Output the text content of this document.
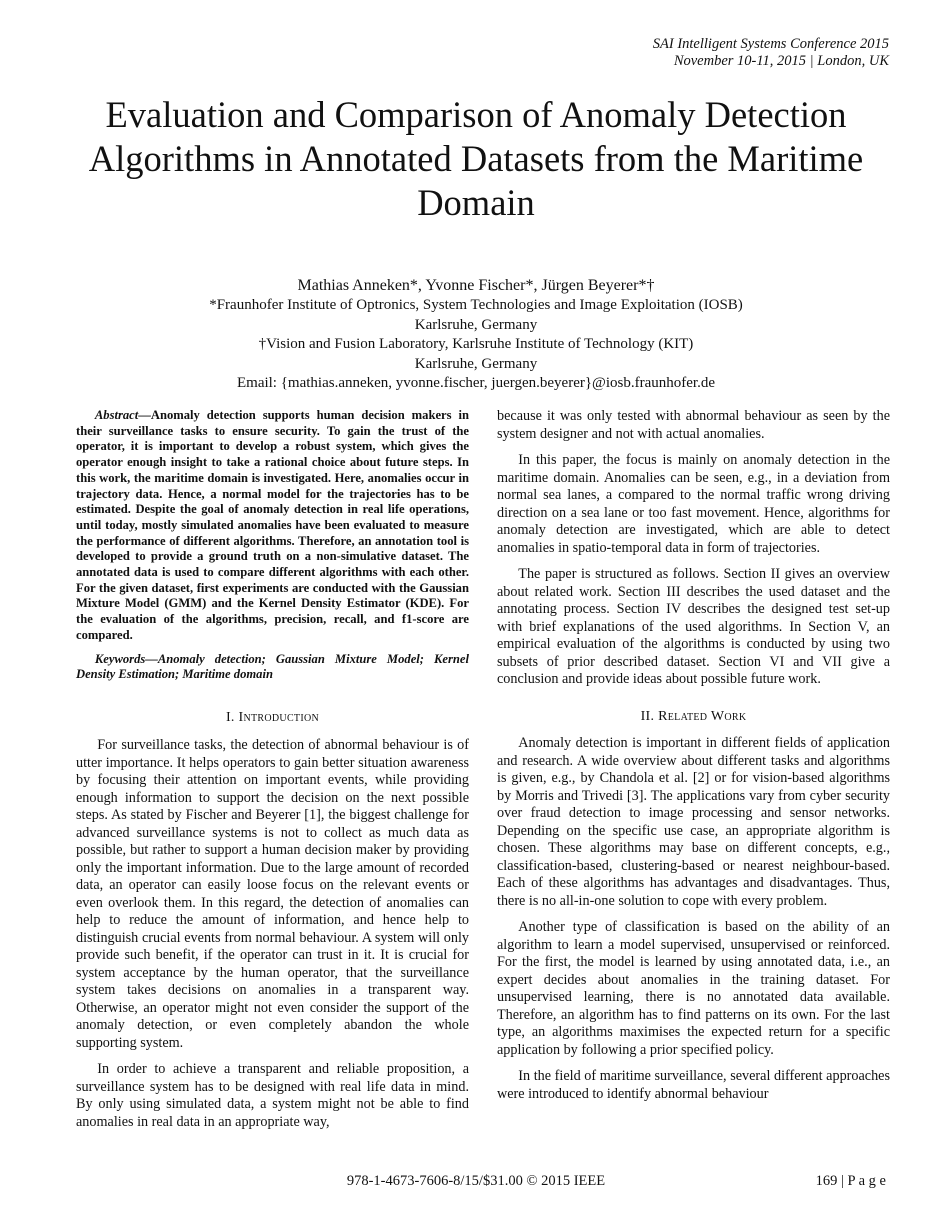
SAI Intelligent Systems Conference 2015
November 10-11, 2015 | London, UK
Evaluation and Comparison of Anomaly Detection Algorithms in Annotated Datasets from the Maritime Domain
Mathias Anneken*, Yvonne Fischer*, Jürgen Beyerer*†
*Fraunhofer Institute of Optronics, System Technologies and Image Exploitation (IOSB)
Karlsruhe, Germany
†Vision and Fusion Laboratory, Karlsruhe Institute of Technology (KIT)
Karlsruhe, Germany
Email: {mathias.anneken, yvonne.fischer, juergen.beyerer}@iosb.fraunhofer.de

Abstract—Anomaly detection supports human decision makers in their surveillance tasks to ensure security. To gain the trust of the operator, it is important to develop a robust system, which gives the operator enough insight to take a rational choice about future steps. In this work, the maritime domain is investigated. Here, anomalies occur in trajectory data. Hence, a normal model for the trajectories has to be estimated. Despite the goal of anomaly detection in real life operations, until today, mostly simulated anomalies have been evaluated to measure the performance of different algorithms. Therefore, an annotation tool is developed to provide a ground truth on a non-simulative dataset. The annotated data is used to compare different algorithms with each other. For the given dataset, first experiments are conducted with the Gaussian Mixture Model (GMM) and the Kernel Density Estimator (KDE). For the evaluation of the algorithms, precision, recall, and f1-score are compared.

Keywords—Anomaly detection; Gaussian Mixture Model; Kernel Density Estimation; Maritime domain

I. Introduction

For surveillance tasks, the detection of abnormal behaviour is of utter importance. It helps operators to gain better situation awareness by focusing their attention on important events, while providing enough information to support the decision on the next possible steps. As stated by Fischer and Beyerer [1], the biggest challenge for advanced surveillance systems is not to collect as much data as possible, but rather to support a human decision maker by providing only the important information. Due to the large amount of recorded data, an operator can easily loose focus on the relevant events or even overlook them. In this regard, the detection of anomalies can help to reduce the amount of information, and hence help to distinguish crucial events from normal behaviour. A system will only provide such benefit, if the operator can trust in it. It is crucial for system acceptance by the human operator, that the surveillance system takes decisions on anomalies in a transparent way. Otherwise, an operator might not even consider the support of the anomaly detection, or even completely abandon the whole supporting system.

In order to achieve a transparent and reliable proposition, a surveillance system has to be designed with real life data in mind. By only using simulated data, a system might not be able to find anomalies in real data in an appropriate way,

because it was only tested with abnormal behaviour as seen by the system designer and not with actual anomalies.

In this paper, the focus is mainly on anomaly detection in the maritime domain. Anomalies can be seen, e.g., in a deviation from normal sea lanes, a compared to the normal traffic wrong driving direction on a sea lane or too fast movement. Hence, algorithms for anomaly detection are investigated, which are able to detect anomalies in spatio-temporal data in form of trajectories.

The paper is structured as follows. Section II gives an overview about related work. Section III describes the used dataset and the annotating process. Section IV describes the designed test set-up with brief explanations of the used algorithms. In Section V, an empirical evaluation of the algorithms is conducted by using two subsets of prior described dataset. Section VI and VII give a conclusion and provide ideas about possible future work.

II. Related Work

Anomaly detection is important in different fields of application and research. A wide overview about different tasks and algorithms is given, e.g., by Chandola et al. [2] or for vision-based algorithms by Morris and Trivedi [3]. The applications vary from cyber security over fraud detection to image processing and sensor networks. Depending on the specific use case, an appropriate algorithm is chosen. These algorithms may base on different concepts, e.g., classification-based, clustering-based or nearest neighbour-based. Each of these algorithms has advantages and disadvantages. Thus, there is no all-in-one solution to cope with every problem.

Another type of classification is based on the ability of an algorithm to learn a model supervised, unsupervised or reinforced. For the first, the model is learned by using annotated data, i.e., an expert decides about anomalies in the training dataset. For unsupervised learning, there is no annotated data available. Therefore, an algorithm has to find patterns on its own. For the last type, an algorithms maximises the expected return for a specific application by following a prior specified policy.

In the field of maritime surveillance, several different approaches were introduced to identify abnormal behaviour

978-1-4673-7606-8/15/$31.00 © 2015 IEEE	169 | P a g e
